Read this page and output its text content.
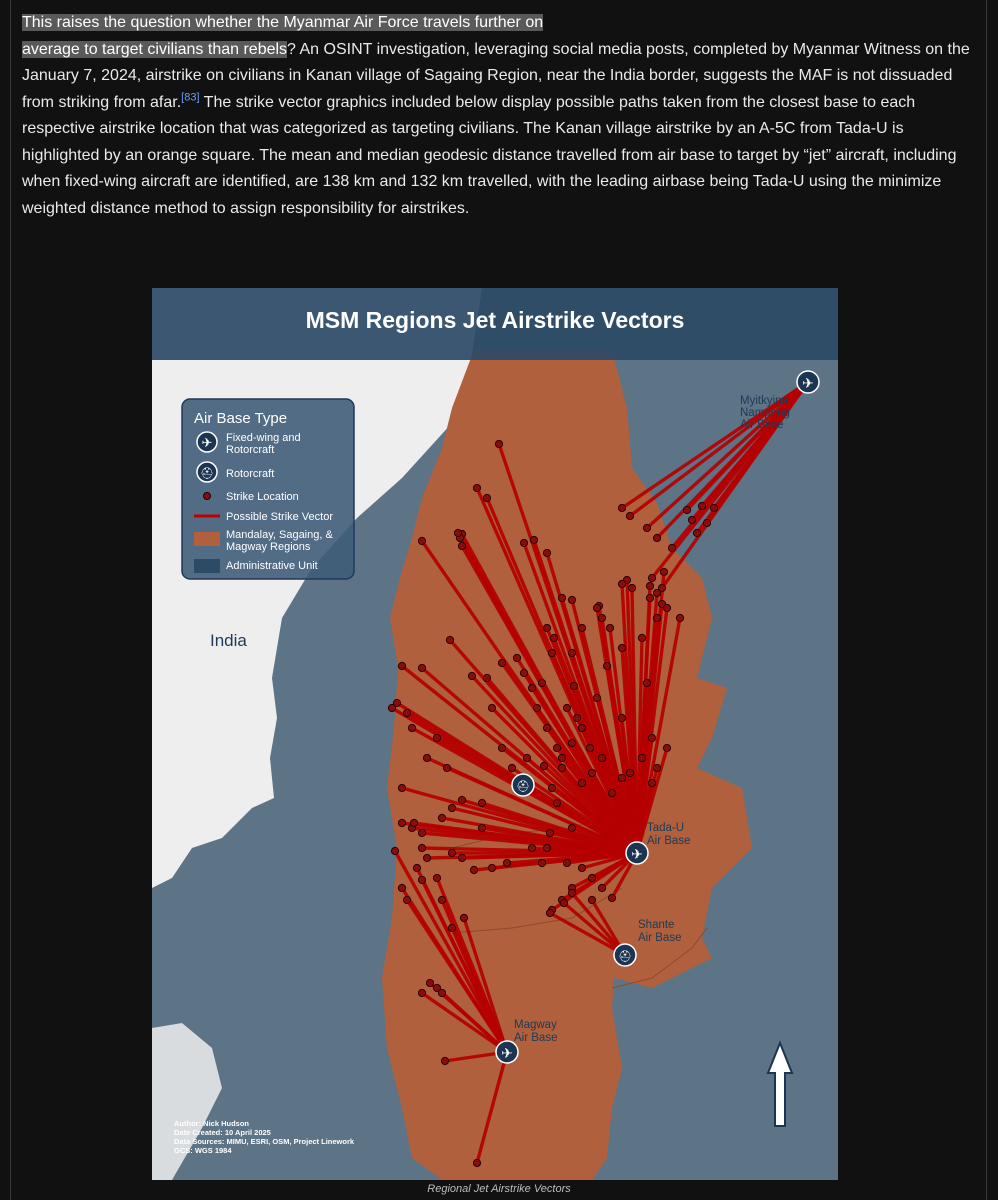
This raises the question whether the Myanmar Air Force travels further on
average to target civilians than rebels? An OSINT investigation, leveraging social media posts, completed by Myanmar Witness on the January 7, 2024, airstrike on civilians in Kanan village of Sagaing Region, near the India border, suggests the MAF is not dissuaded from striking from afar.[83] The strike vector graphics included below display possible paths taken from the closest base to each respective airstrike location that was categorized as targeting civilians. The Kanan village airstrike by an A-5C from Tada-U is highlighted by an orange square. The mean and median geodesic distance travelled from air base to target by “jet” aircraft, including when fixed-wing aircraft are identified, are 138 km and 132 km travelled, with the leading airbase being Tada-U using the minimize weighted distance method to assign responsibility for airstrikes.
MSM Regions Jet Airstrike Vectors
India
Air Base Type
✈ Fixed-wing and
Rotorcraft
⛑ Rotorcraft
Strike Location
Possible Strike Vector
Mandalay, Sagaing, &
Magway Regions
Administrative Unit
✈
Myitkyina
Nampong
Air Base
✈
Tada-U
Air Base
⛑
Shante
Air Base
✈
Magway
Air Base
⛑
Author: Nick Hudson
Date Created: 10 April 2025
Data Sources: MIMU, ESRI, OSM, Project Linework
GCS: WGS 1984
Regional Jet Airstrike Vectors
